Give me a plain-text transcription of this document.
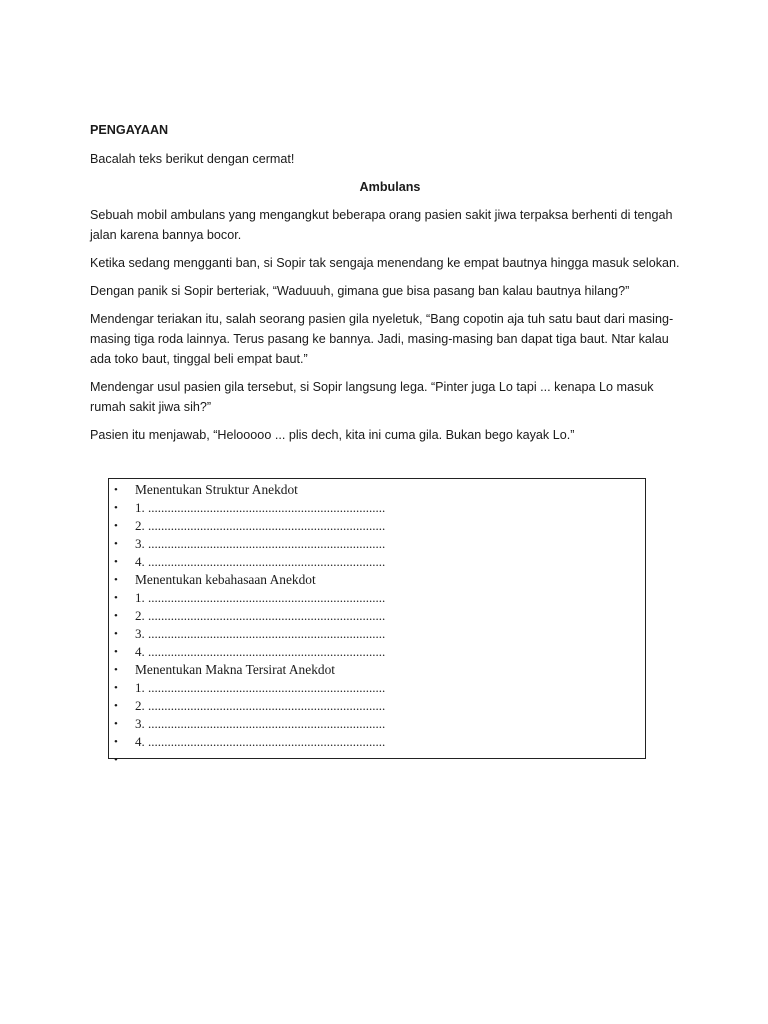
PENGAYAAN
Bacalah teks berikut dengan cermat!
Ambulans
Sebuah mobil ambulans yang mengangkut beberapa orang pasien sakit jiwa terpaksa berhenti di tengah jalan karena bannya bocor.
Ketika sedang mengganti ban, si Sopir tak sengaja menendang ke empat bautnya hingga masuk selokan.
Dengan panik si Sopir berteriak, “Waduuuh, gimana gue bisa pasang ban kalau bautnya hilang?”
Mendengar teriakan itu, salah seorang pasien gila nyeletuk, “Bang copotin aja tuh satu baut dari masing-masing tiga roda lainnya. Terus pasang ke bannya. Jadi, masing-masing ban dapat tiga baut. Ntar kalau ada toko baut, tinggal beli empat baut.”
Mendengar usul pasien gila tersebut, si Sopir langsung lega. “Pinter juga Lo tapi ... kenapa Lo masuk rumah sakit jiwa sih?”
Pasien itu menjawab, “Helooooo ... plis dech, kita ini cuma gila. Bukan bego kayak Lo.”
• Menentukan Struktur Anekdot
• 1. .........................................................................
• 2. .........................................................................
• 3. .........................................................................
• 4. .........................................................................
• Menentukan kebahasaan Anekdot
• 1. .........................................................................
• 2. .........................................................................
• 3. .........................................................................
• 4. .........................................................................
• Menentukan Makna Tersirat Anekdot
• 1. .........................................................................
• 2. .........................................................................
• 3. .........................................................................
• 4. .........................................................................
•
